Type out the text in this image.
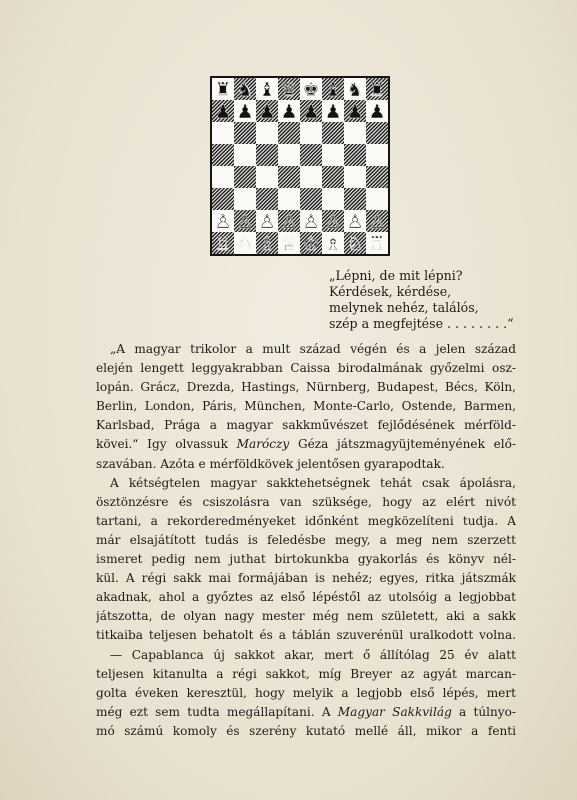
♜ ♞ ♝ ♛ ♚ ♝ ♞ ♜
♟ ♟ ♟ ♟ ♟ ♟ ♟ ♟
♙ ♙ ♙ ♙ ♙ ♙ ♙ ♙
♖ ♘ ♗ ♕ ♔ ♗ ♘ ♖
„Lépni, de mit lépni?
Kérdések, kérdése,
melynek nehéz, találós,
szép a megfejtése . . . . . . . .“
„A magyar trikolor a mult század végén és a jelen század
elején lengett leggyakrabban Caissa birodalmának győzelmi osz-
lopán. Grácz, Drezda, Hastings, Nürnberg, Budapest, Bécs, Köln,
Berlin, London, Páris, München, Monte-Carlo, Ostende, Barmen,
Karlsbad, Prága a magyar sakkművészet fejlődésének mérföld-
kövei.“ Igy olvassuk Maróczy Géza játszmagyüjteményének elő-
szavában. Azóta e mérföldkövek jelentősen gyarapodtak.
A kétségtelen magyar sakktehetségnek tehát csak ápolásra,
ösztönzésre és csiszolásra van szüksége, hogy az elért nivót
tartani, a rekorderedményeket időnként megközelíteni tudja. A
már elsajátított tudás is feledésbe megy, a meg nem szerzett
ismeret pedig nem juthat birtokunkba gyakorlás és könyv nél-
kül. A régi sakk mai formájában is nehéz; egyes, ritka játszmák
akadnak, ahol a győztes az első lépéstől az utolsóig a legjobbat
játszotta, de olyan nagy mester még nem született, aki a sakk
titkaiba teljesen behatolt és a táblán szuverénül uralkodott volna.
— Capablanca új sakkot akar, mert ő állítólag 25 év alatt
teljesen kitanulta a régi sakkot, míg Breyer az agyát marcan-
golta éveken keresztül, hogy melyik a legjobb első lépés, mert
még ezt sem tudta megállapítani. A Magyar Sakkvilág a túlnyo-
mó számú komoly és szerény kutató mellé áll, mikor a fenti
